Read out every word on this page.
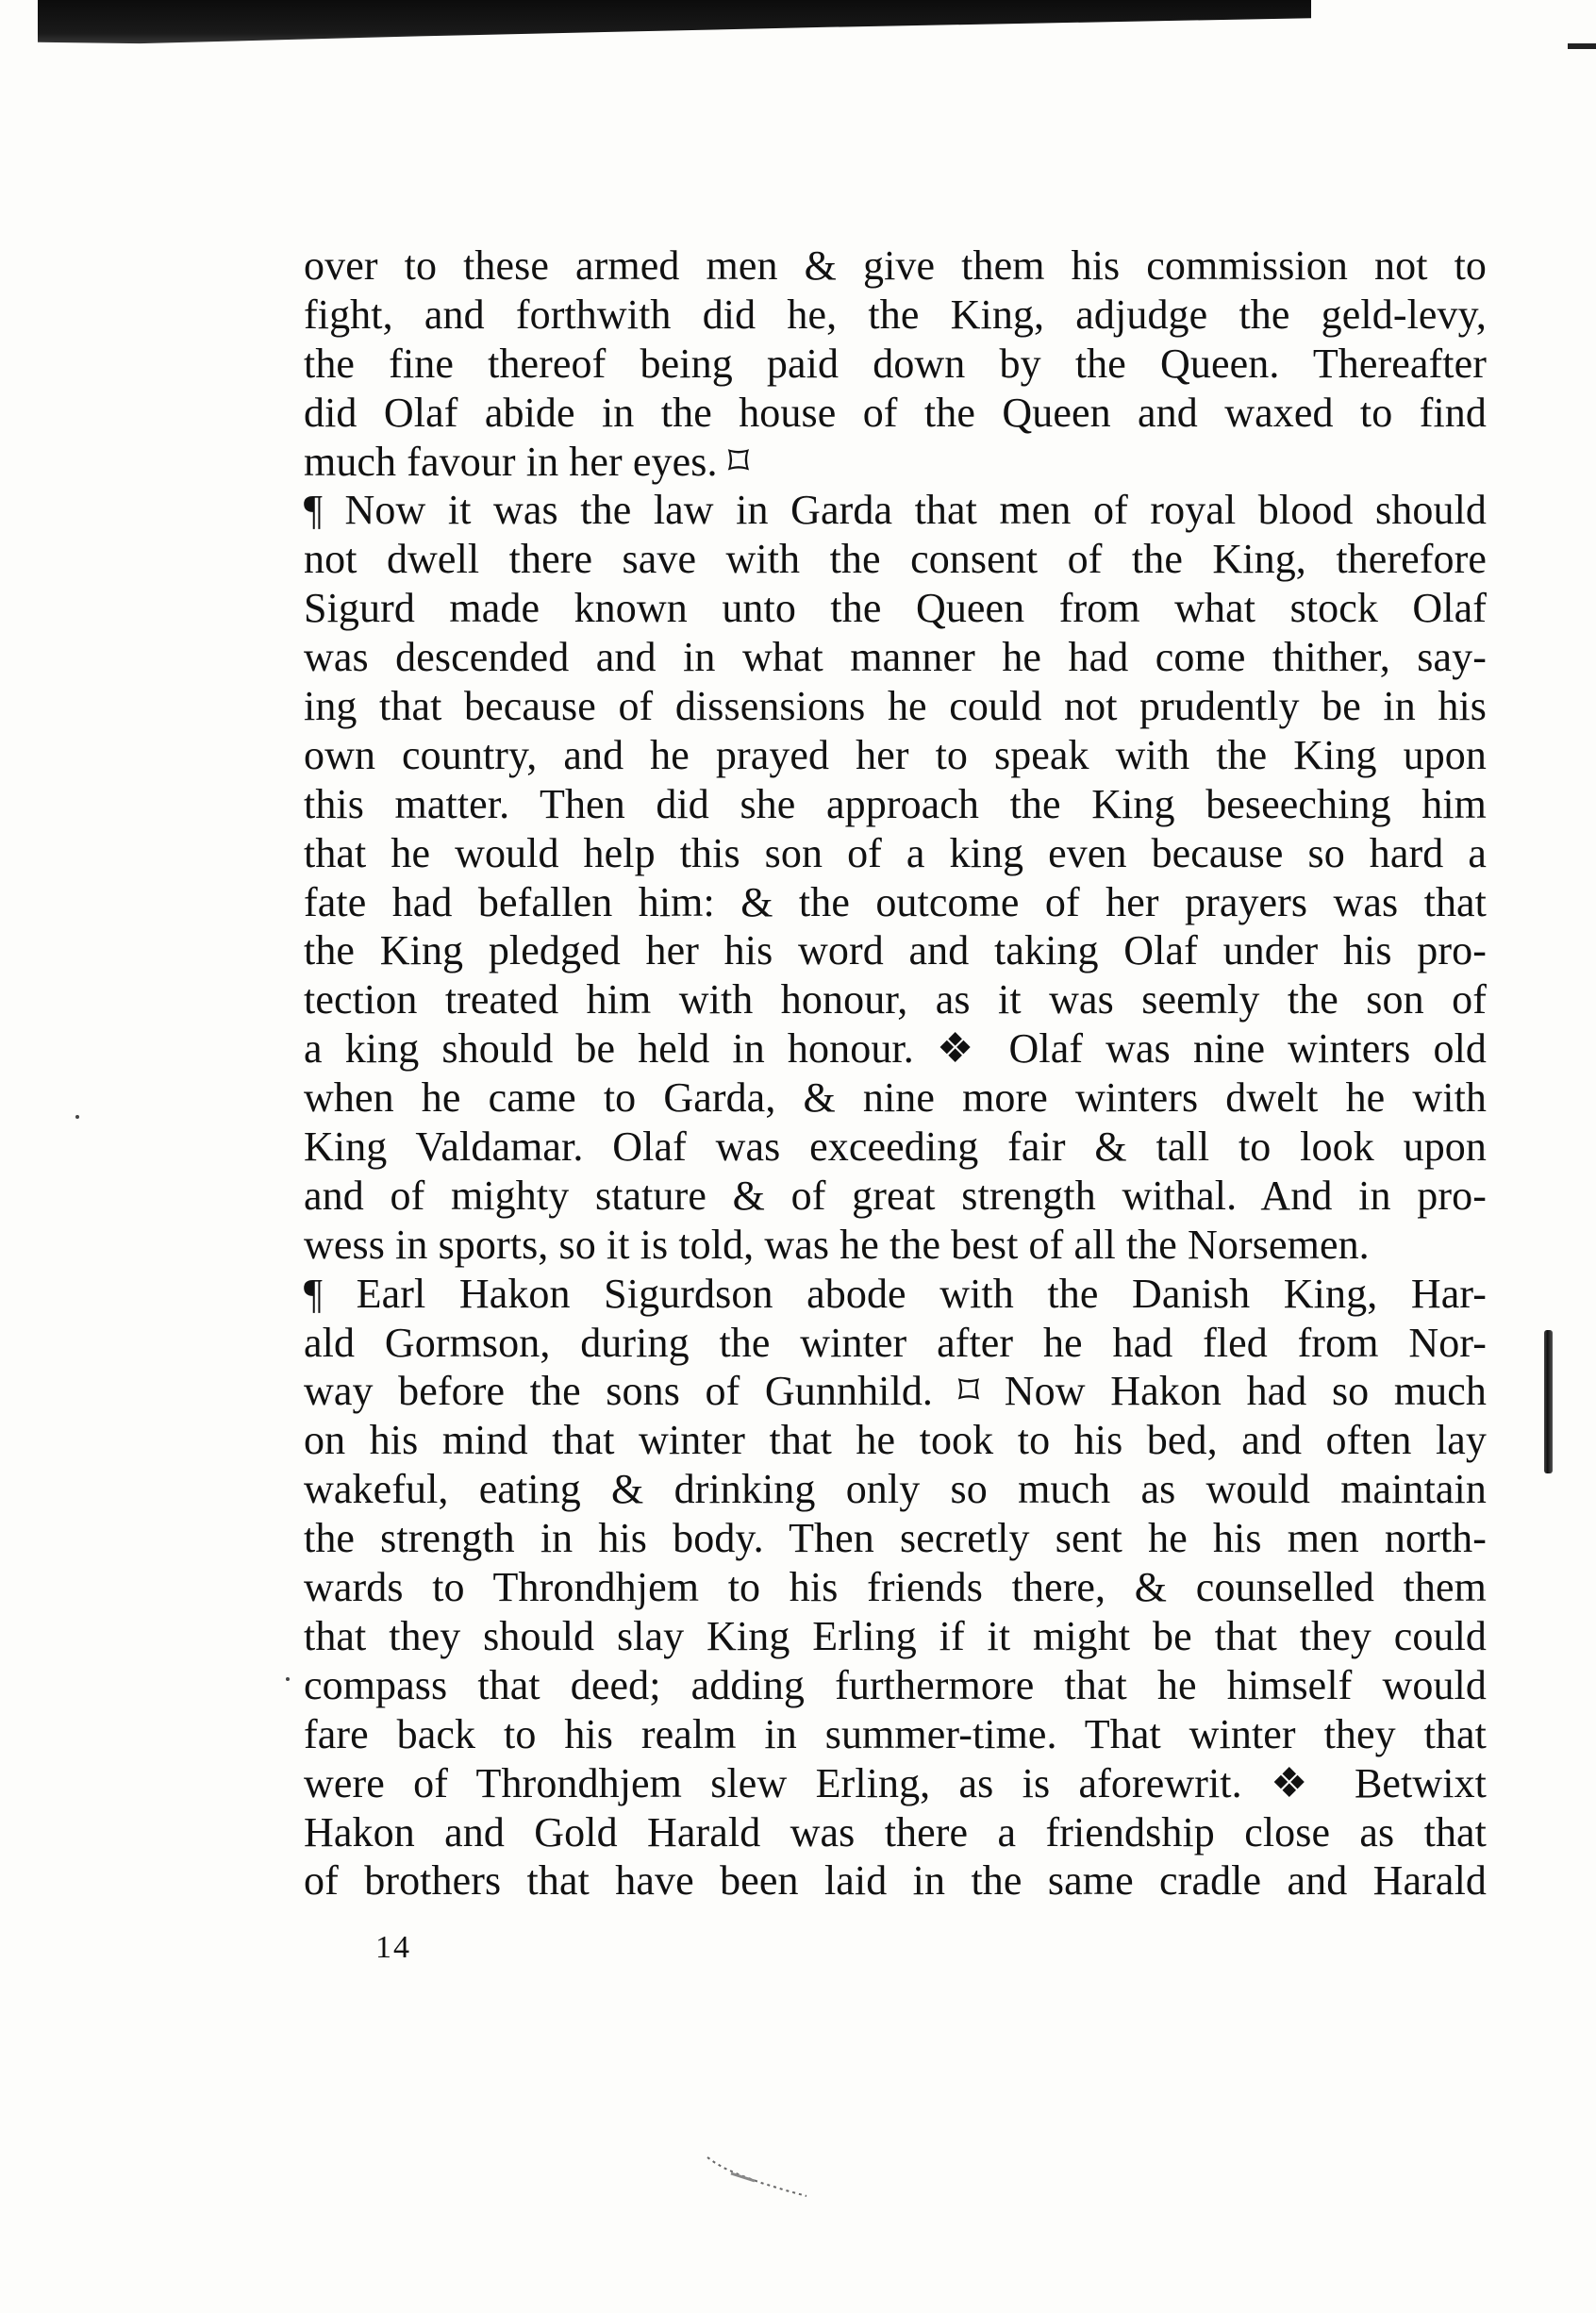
over to these armed men & give them his commission not to
fight, and forthwith did he, the King, adjudge the geld-levy,
the fine thereof being paid down by the Queen. Thereafter
did Olaf abide in the house of the Queen and waxed to find
much favour in her eyes. ⌑
¶ Now it was the law in Garda that men of royal blood should
not dwell there save with the consent of the King, therefore
Sigurd made known unto the Queen from what stock Olaf
was descended and in what manner he had come thither, say-
ing that because of dissensions he could not prudently be in his
own country, and he prayed her to speak with the King upon
this matter. Then did she approach the King beseeching him
that he would help this son of a king even because so hard a
fate had befallen him: & the outcome of her prayers was that
the King pledged her his word and taking Olaf under his pro-
tection treated him with honour, as it was seemly the son of
a king should be held in honour. ❖ Olaf was nine winters old
when he came to Garda, & nine more winters dwelt he with
King Valdamar. Olaf was exceeding fair & tall to look upon
and of mighty stature & of great strength withal. And in pro-
wess in sports, so it is told, was he the best of all the Norsemen.
¶ Earl Hakon Sigurdson abode with the Danish King, Har-
ald Gormson, during the winter after he had fled from Nor-
way before the sons of Gunnhild. ⌑ Now Hakon had so much
on his mind that winter that he took to his bed, and often lay
wakeful, eating & drinking only so much as would maintain
the strength in his body. Then secretly sent he his men north-
wards to Throndhjem to his friends there, & counselled them
that they should slay King Erling if it might be that they could
compass that deed; adding furthermore that he himself would
fare back to his realm in summer-time. That winter they that
were of Throndhjem slew Erling, as is aforewrit. ❖ Betwixt
Hakon and Gold Harald was there a friendship close as that
of brothers that have been laid in the same cradle and Harald
14
